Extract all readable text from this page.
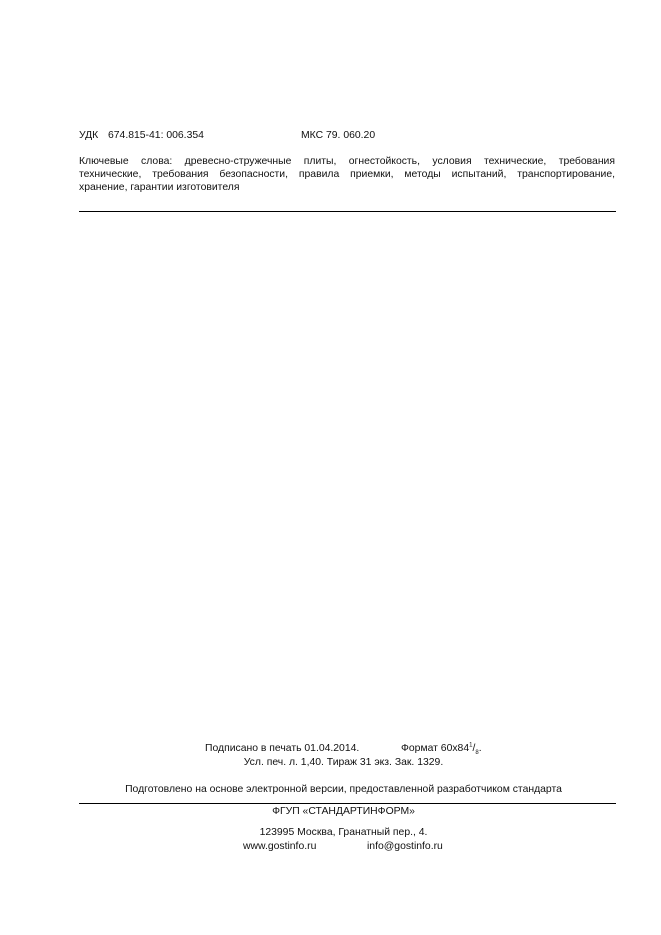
УДК 674.815-41: 006.354	МКС 79. 060.20
Ключевые слова: древесно-стружечные плиты, огнестойкость, условия технические, требования
технические, требования безопасности, правила приемки, методы испытаний, транспортирование,
хранение, гарантии изготовителя
Подписано в печать 01.04.2014.	Формат $60x84^1/_8$.
Усл. печ. л. 1,40. Тираж 31 экз. Зак. 1329.
Подготовлено на основе электронной версии, предоставленной разработчиком стандарта
ФГУП «СТАНДАРТИНФОРМ»
123995 Москва, Гранатный пер., 4.
www.gostinfo.ru	info@gostinfo.ru
